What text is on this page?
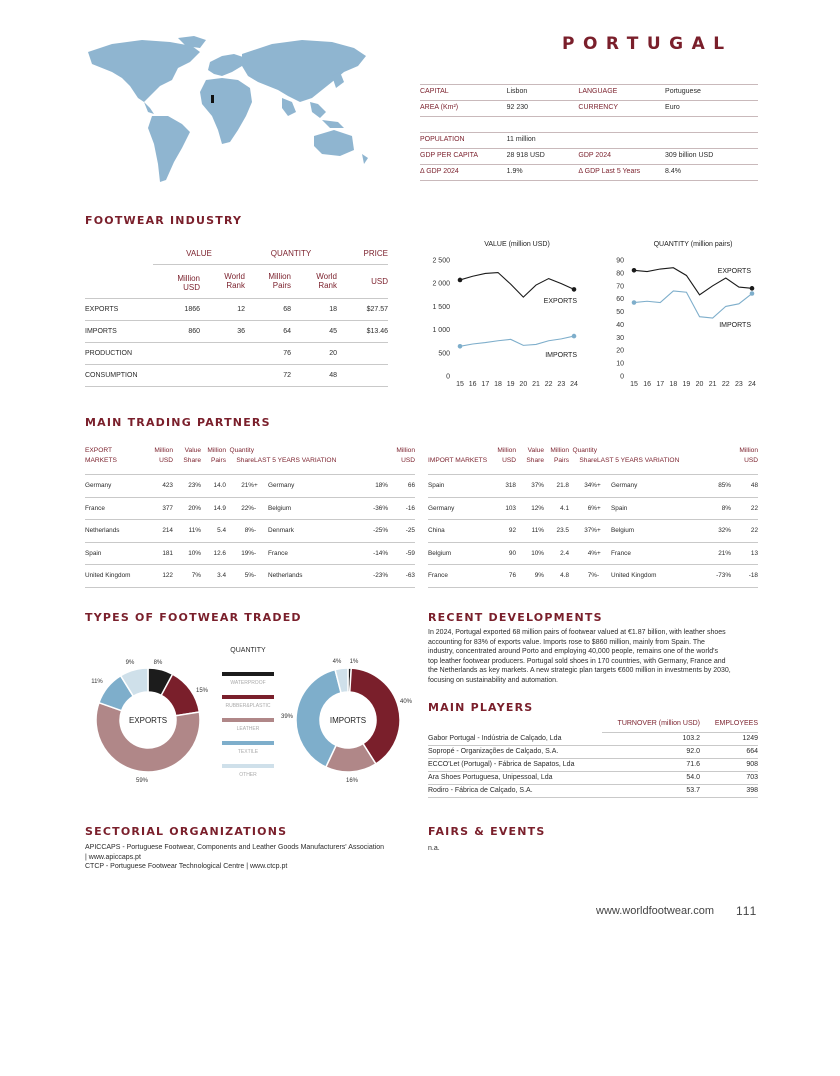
PORTUGAL
CAPITAL	Lisbon	LANGUAGE	Portuguese
AREA (Km²)	92 230	CURRENCY	Euro
POPULATION	11 million		
GDP PER CAPITA	28 918 USD	GDP 2024	309 billion USD
Δ GDP 2024	1.9%	Δ GDP Last 5 Years	8.4%
FOOTWEAR INDUSTRY
	VALUE		QUANTITY		PRICE
	Million USD	World Rank	Million Pairs	World Rank	USD
EXPORTS	1866	12	68	18	$27.57
IMPORTS	860	36	64	45	$13.46
PRODUCTION			76	20	
CONSUMPTION			72	48	
VALUE (million USD)
0
500
1 000
1 500
2 000
2 500
15 16 17 18 19 20 21 22 23 24
EXPORTS
IMPORTS
QUANTITY (million pairs)
0
10
20
30
40
50
60
70
80
90
15 16 17 18 19 20 21 22 23 24
EXPORTS
IMPORTS
MAIN TRADING PARTNERS
EXPORT MARKETS	Million USD	Value Share	Million Pairs	Quantity Share	LAST 5 YEARS VARIATION			Million USD
Germany	423	23%	14.0	21%	+	Germany	18%	66
France	377	20%	14.9	22%	-	Belgium	-36%	-16
Netherlands	214	11%	5.4	8%	-	Denmark	-25%	-25
Spain	181	10%	12.6	19%	-	France	-14%	-59
United Kingdom	122	7%	3.4	5%	-	Netherlands	-23%	-63
IMPORT MARKETS	Million USD	Value Share	Million Pairs	Quantity Share	LAST 5 YEARS VARIATION			Million USD
Spain	318	37%	21.8	34%	+	Germany	85%	48
Germany	103	12%	4.1	6%	+	Spain	8%	22
China	92	11%	23.5	37%	+	Belgium	32%	22
Belgium	90	10%	2.4	4%	+	France	21%	13
France	76	9%	4.8	7%	-	United Kingdom	-73%	-18
TYPES OF FOOTWEAR TRADED
8%
15%
59%
11%
9%
EXPORTS
1%
40%
16%
39%
4%
IMPORTS
QUANTITY
WATERPROOF
RUBBER&PLASTIC
LEATHER
TEXTILE
OTHER
RECENT DEVELOPMENTS
In 2024, Portugal exported 68 million pairs of footwear valued at €1.87 billion, with leather shoes
accounting for 83% of exports value. Imports rose to $860 million, mainly from Spain. The
industry, concentrated around Porto and employing 40,000 people, remains one of the world's
top leather footwear producers. Portugal sold shoes in 170 countries, with Germany, France and
the Netherlands as key markets. A new strategic plan targets €600 million in investments by 2030,
focusing on sustainability and automation.
MAIN PLAYERS
	TURNOVER (million USD)	EMPLOYEES
Gabor Portugal - Indústria de Calçado, Lda	103.2	1249
Sopropé - Organizações de Calçado, S.A.	92.0	664
ECCO'Let (Portugal) - Fábrica de Sapatos, Lda	71.6	908
Ara Shoes Portuguesa, Unipessoal, Lda	54.0	703
Rodiro - Fábrica de Calçado, S.A.	53.7	398
SECTORIAL ORGANIZATIONS
APICCAPS - Portuguese Footwear, Components and Leather Goods Manufacturers' Association
| www.apiccaps.pt
CTCP - Portuguese Footwear Technological Centre | www.ctcp.pt
FAIRS & EVENTS
n.a.
www.worldfootwear.com 111
